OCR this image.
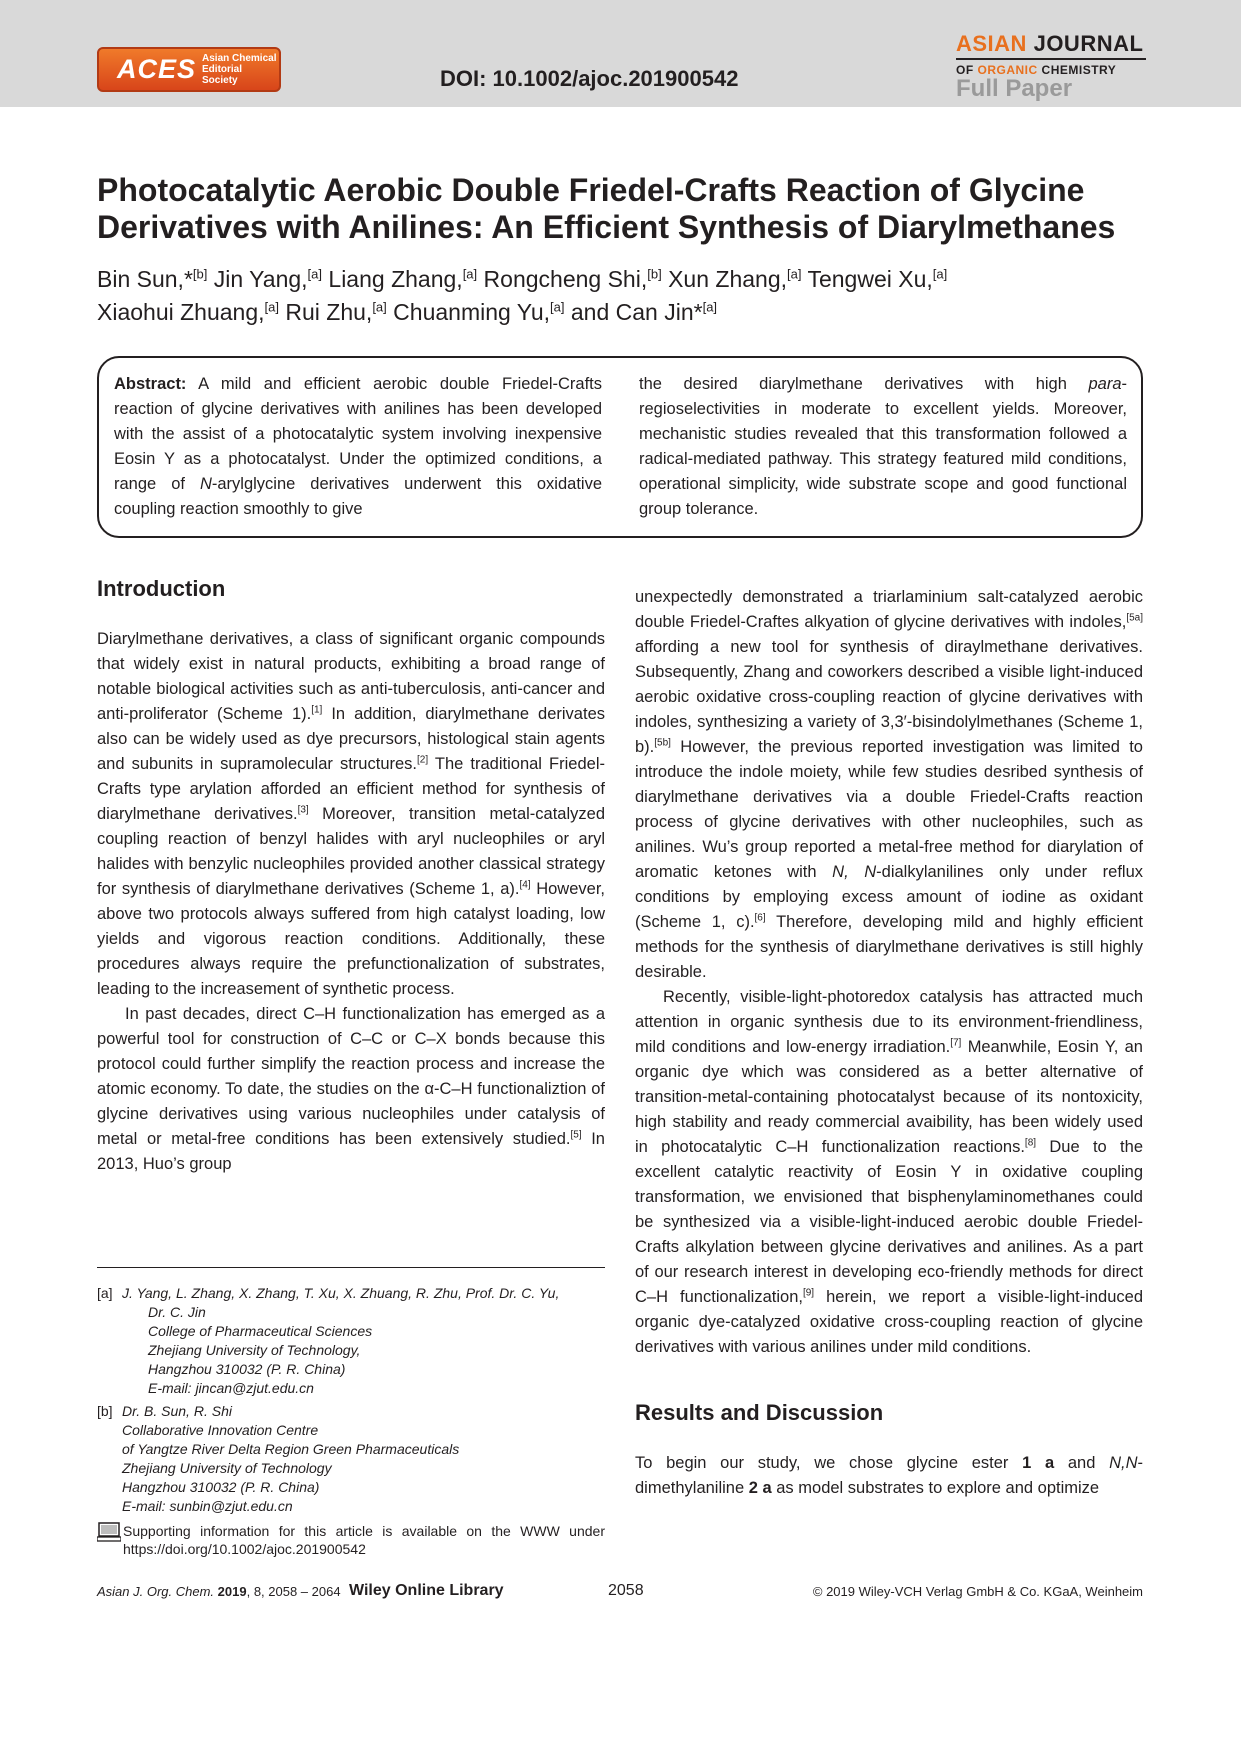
ACES Asian Chemical Editorial Society	DOI: 10.1002/ajoc.201900542
ASIAN JOURNAL
OF ORGANIC CHEMISTRY
Full Paper
Photocatalytic Aerobic Double Friedel-Crafts Reaction of Glycine Derivatives with Anilines: An Efficient Synthesis of Diarylmethanes
Bin Sun,*[b] Jin Yang,[a] Liang Zhang,[a] Rongcheng Shi,[b] Xun Zhang,[a] Tengwei Xu,[a]
Xiaohui Zhuang,[a] Rui Zhu,[a] Chuanming Yu,[a] and Can Jin*[a]
Abstract: A mild and efficient aerobic double Friedel-Crafts reaction of glycine derivatives with anilines has been developed with the assist of a photocatalytic system involving inexpensive Eosin Y as a photocatalyst. Under the optimized conditions, a range of N-arylglycine derivatives underwent this oxidative coupling reaction smoothly to give
the desired diarylmethane derivatives with high para-regioselectivities in moderate to excellent yields. Moreover, mechanistic studies revealed that this transformation followed a radical-mediated pathway. This strategy featured mild conditions, operational simplicity, wide substrate scope and good functional group tolerance.
Introduction

Diarylmethane derivatives, a class of significant organic compounds that widely exist in natural products, exhibiting a broad range of notable biological activities such as anti-tuberculosis, anti-cancer and anti-proliferator (Scheme 1).[1] In addition, diarylmethane derivates also can be widely used as dye precursors, histological stain agents and subunits in supramolecular structures.[2] The traditional Friedel-Crafts type arylation afforded an efficient method for synthesis of diarylmethane derivatives.[3] Moreover, transition metal-catalyzed coupling reaction of benzyl halides with aryl nucleophiles or aryl halides with benzylic nucleophiles provided another classical strategy for synthesis of diarylmethane derivatives (Scheme 1, a).[4] However, above two protocols always suffered from high catalyst loading, low yields and vigorous reaction conditions. Additionally, these procedures always require the prefunctionalization of substrates, leading to the increasement of synthetic process.

In past decades, direct C–H functionalization has emerged as a powerful tool for construction of C–C or C–X bonds because this protocol could further simplify the reaction process and increase the atomic economy. To date, the studies on the α-C–H functionaliztion of glycine derivatives using various nucleophiles under catalysis of metal or metal-free conditions has been extensively studied.[5] In 2013, Huo’s group

unexpectedly demonstrated a triarlaminium salt-catalyzed aerobic double Friedel-Craftes alkyation of glycine derivatives with indoles,[5a] affording a new tool for synthesis of diraylmethane derivatives. Subsequently, Zhang and coworkers described a visible light-induced aerobic oxidative cross-coupling reaction of glycine derivatives with indoles, synthesizing a variety of 3,3′-bisindolylmethanes (Scheme 1, b).[5b] However, the previous reported investigation was limited to introduce the indole moiety, while few studies desribed synthesis of diarylmethane derivatives via a double Friedel-Crafts reaction process of glycine derivatives with other nucleophiles, such as anilines. Wu’s group reported a metal-free method for diarylation of aromatic ketones with N, N-dialkylanilines only under reflux conditions by employing excess amount of iodine as oxidant (Scheme 1, c).[6] Therefore, developing mild and highly efficient methods for the synthesis of diarylmethane derivatives is still highly desirable.

Recently, visible-light-photoredox catalysis has attracted much attention in organic synthesis due to its environment-friendliness, mild conditions and low-energy irradiation.[7] Meanwhile, Eosin Y, an organic dye which was considered as a better alternative of transition-metal-containing photocatalyst because of its nontoxicity, high stability and ready commercial avaibility, has been widely used in photocatalytic C–H functionalization reactions.[8] Due to the excellent catalytic reactivity of Eosin Y in oxidative coupling transformation, we envisioned that bisphenylaminomethanes could be synthesized via a visible-light-induced aerobic double Friedel-Crafts alkylation between glycine derivatives and anilines. As a part of our research interest in developing eco-friendly methods for direct C–H functionalization,[9] herein, we report a visible-light-induced organic dye-catalyzed oxidative cross-coupling reaction of glycine derivatives with various anilines under mild conditions.

Results and Discussion

To begin our study, we chose glycine ester 1 a and N,N-dimethylaniline 2 a as model substrates to explore and optimize

[a] J. Yang, L. Zhang, X. Zhang, T. Xu, X. Zhuang, R. Zhu, Prof. Dr. C. Yu,
Dr. C. Jin
College of Pharmaceutical Sciences
Zhejiang University of Technology,
Hangzhou 310032 (P. R. China)
E-mail: jincan@zjut.edu.cn
[b] Dr. B. Sun, R. Shi
Collaborative Innovation Centre
of Yangtze River Delta Region Green Pharmaceuticals
Zhejiang University of Technology
Hangzhou 310032 (P. R. China)
E-mail: sunbin@zjut.edu.cn
Supporting information for this article is available on the WWW under https://doi.org/10.1002/ajoc.201900542
Asian J. Org. Chem. 2019, 8, 2058 – 2064 Wiley Online Library	2058	© 2019 Wiley-VCH Verlag GmbH & Co. KGaA, Weinheim
